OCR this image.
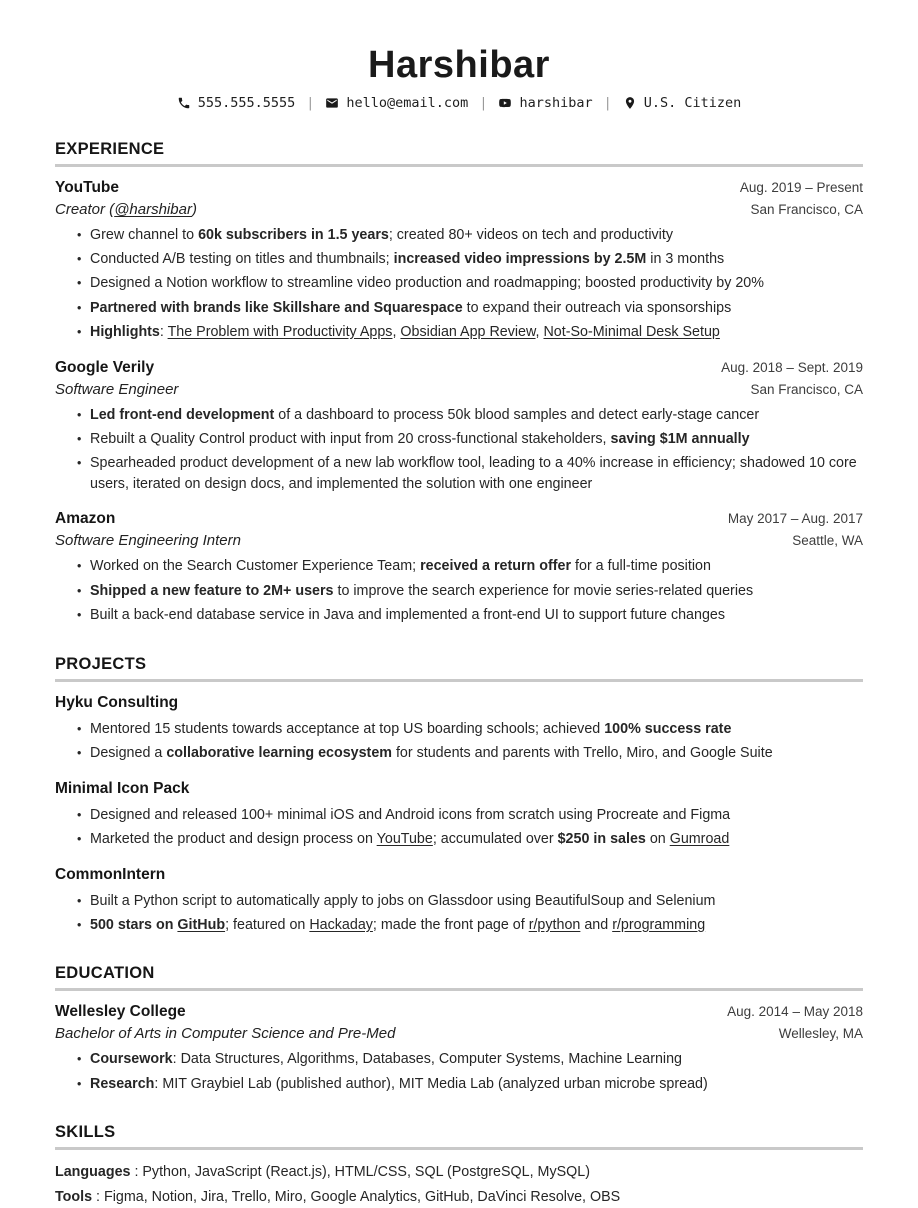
Harshibar
555.555.5555 | hello@email.com | harshibar | U.S. Citizen
EXPERIENCE
YouTube	Aug. 2019 – Present
Creator (@harshibar)	San Francisco, CA
• Grew channel to 60k subscribers in 1.5 years; created 80+ videos on tech and productivity
• Conducted A/B testing on titles and thumbnails; increased video impressions by 2.5M in 3 months
• Designed a Notion workflow to streamline video production and roadmapping; boosted productivity by 20%
• Partnered with brands like Skillshare and Squarespace to expand their outreach via sponsorships
• Highlights: The Problem with Productivity Apps, Obsidian App Review, Not-So-Minimal Desk Setup
Google Verily	Aug. 2018 – Sept. 2019
Software Engineer	San Francisco, CA
• Led front-end development of a dashboard to process 50k blood samples and detect early-stage cancer
• Rebuilt a Quality Control product with input from 20 cross-functional stakeholders, saving $1M annually
• Spearheaded product development of a new lab workflow tool, leading to a 40% increase in efficiency; shadowed 10 core users, iterated on design docs, and implemented the solution with one engineer
Amazon	May 2017 – Aug. 2017
Software Engineering Intern	Seattle, WA
• Worked on the Search Customer Experience Team; received a return offer for a full-time position
• Shipped a new feature to 2M+ users to improve the search experience for movie series-related queries
• Built a back-end database service in Java and implemented a front-end UI to support future changes
PROJECTS
Hyku Consulting
• Mentored 15 students towards acceptance at top US boarding schools; achieved 100% success rate
• Designed a collaborative learning ecosystem for students and parents with Trello, Miro, and Google Suite
Minimal Icon Pack
• Designed and released 100+ minimal iOS and Android icons from scratch using Procreate and Figma
• Marketed the product and design process on YouTube; accumulated over $250 in sales on Gumroad
CommonIntern
• Built a Python script to automatically apply to jobs on Glassdoor using BeautifulSoup and Selenium
• 500 stars on GitHub; featured on Hackaday; made the front page of r/python and r/programming
EDUCATION
Wellesley College	Aug. 2014 – May 2018
Bachelor of Arts in Computer Science and Pre-Med	Wellesley, MA
• Coursework: Data Structures, Algorithms, Databases, Computer Systems, Machine Learning
• Research: MIT Graybiel Lab (published author), MIT Media Lab (analyzed urban microbe spread)
SKILLS
Languages : Python, JavaScript (React.js), HTML/CSS, SQL (PostgreSQL, MySQL)
Tools : Figma, Notion, Jira, Trello, Miro, Google Analytics, GitHub, DaVinci Resolve, OBS
